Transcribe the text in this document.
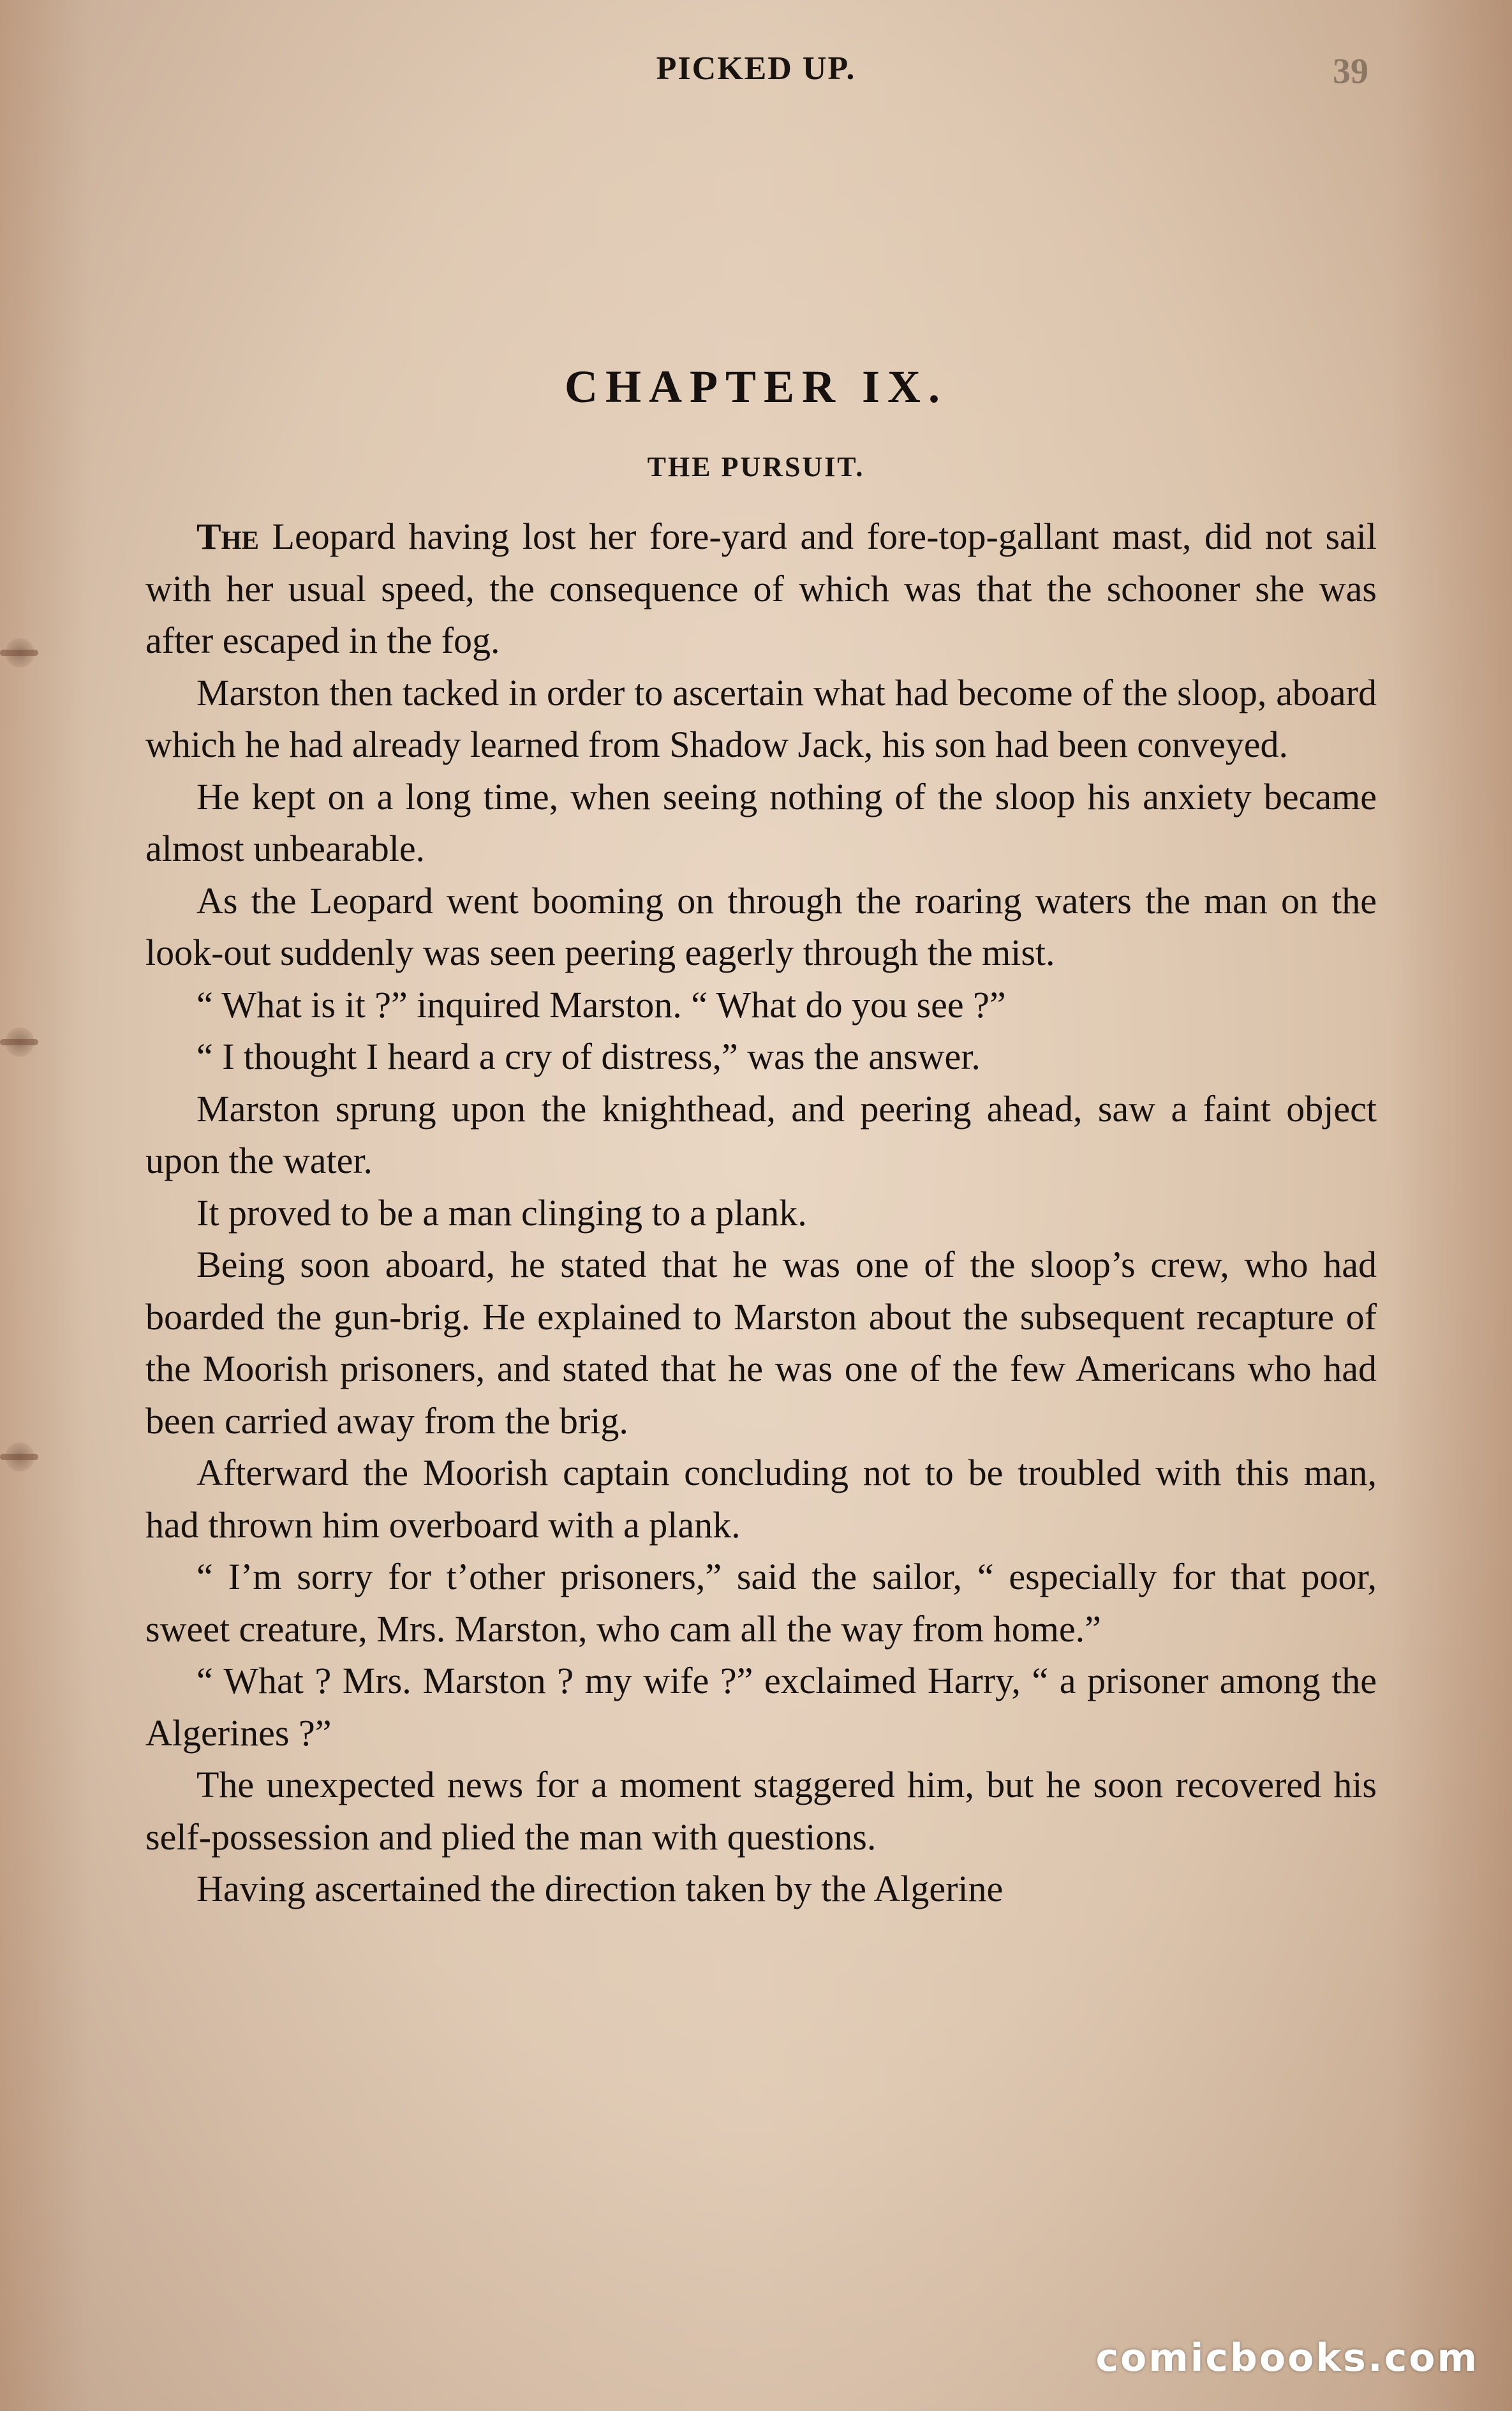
PICKED UP.	39
CHAPTER IX.
THE PURSUIT.

The Leopard having lost her fore-yard and fore-top-gallant mast, did not sail with her usual speed, the consequence of which was that the schooner she was after escaped in the fog.

Marston then tacked in order to ascertain what had become of the sloop, aboard which he had already learned from Shadow Jack, his son had been conveyed.

He kept on a long time, when seeing nothing of the sloop his anxiety became almost unbearable.

As the Leopard went booming on through the roaring waters the man on the look-out suddenly was seen peering eagerly through the mist.

“ What is it ?” inquired Marston. “ What do you see ?”

“ I thought I heard a cry of distress,” was the answer.

Marston sprung upon the knighthead, and peering ahead, saw a faint object upon the water.

It proved to be a man clinging to a plank.

Being soon aboard, he stated that he was one of the sloop’s crew, who had boarded the gun-brig. He explained to Marston about the subsequent recapture of the Moorish prisoners, and stated that he was one of the few Americans who had been carried away from the brig.

Afterward the Moorish captain concluding not to be troubled with this man, had thrown him overboard with a plank.

“ I’m sorry for t’other prisoners,” said the sailor, “ especially for that poor, sweet creature, Mrs. Marston, who cam all the way from home.”

“ What ? Mrs. Marston ? my wife ?” exclaimed Harry, “ a prisoner among the Algerines ?”

The unexpected news for a moment staggered him, but he soon recovered his self-possession and plied the man with questions.

Having ascertained the direction taken by the Algerine

comicbooks.com
